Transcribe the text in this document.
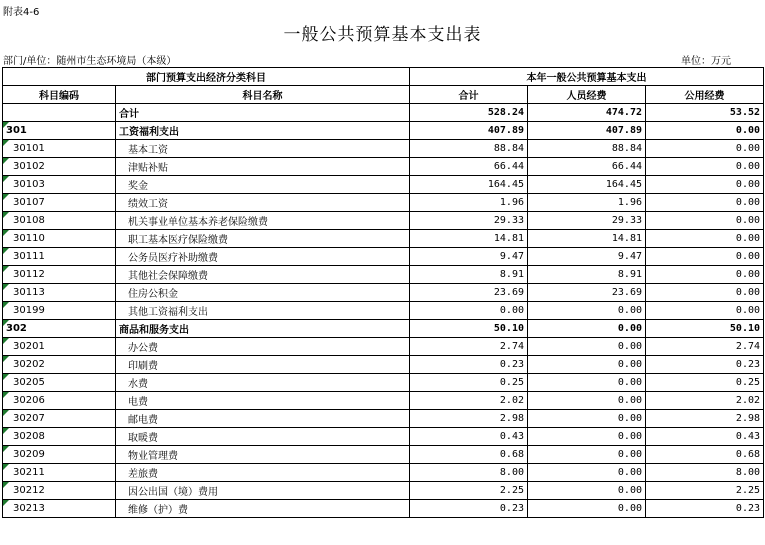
附表4-6
一般公共预算基本支出表
部门/单位：随州市生态环境局（本级）	单位：万元
部门预算支出经济分类科目		本年一般公共预算基本支出		
科目编码	科目名称	合计	人员经费	公用经费
	合计	528.24	474.72	53.52
301	工资福利支出	407.89	407.89	0.00
30101	基本工资	88.84	88.84	0.00
30102	津贴补贴	66.44	66.44	0.00
30103	奖金	164.45	164.45	0.00
30107	绩效工资	1.96	1.96	0.00
30108	机关事业单位基本养老保险缴费	29.33	29.33	0.00
30110	职工基本医疗保险缴费	14.81	14.81	0.00
30111	公务员医疗补助缴费	9.47	9.47	0.00
30112	其他社会保障缴费	8.91	8.91	0.00
30113	住房公积金	23.69	23.69	0.00
30199	其他工资福利支出	0.00	0.00	0.00
302	商品和服务支出	50.10	0.00	50.10
30201	办公费	2.74	0.00	2.74
30202	印刷费	0.23	0.00	0.23
30205	水费	0.25	0.00	0.25
30206	电费	2.02	0.00	2.02
30207	邮电费	2.98	0.00	2.98
30208	取暖费	0.43	0.00	0.43
30209	物业管理费	0.68	0.00	0.68
30211	差旅费	8.00	0.00	8.00
30212	因公出国（境）费用	2.25	0.00	2.25
30213	维修（护）费	0.23	0.00	0.23
